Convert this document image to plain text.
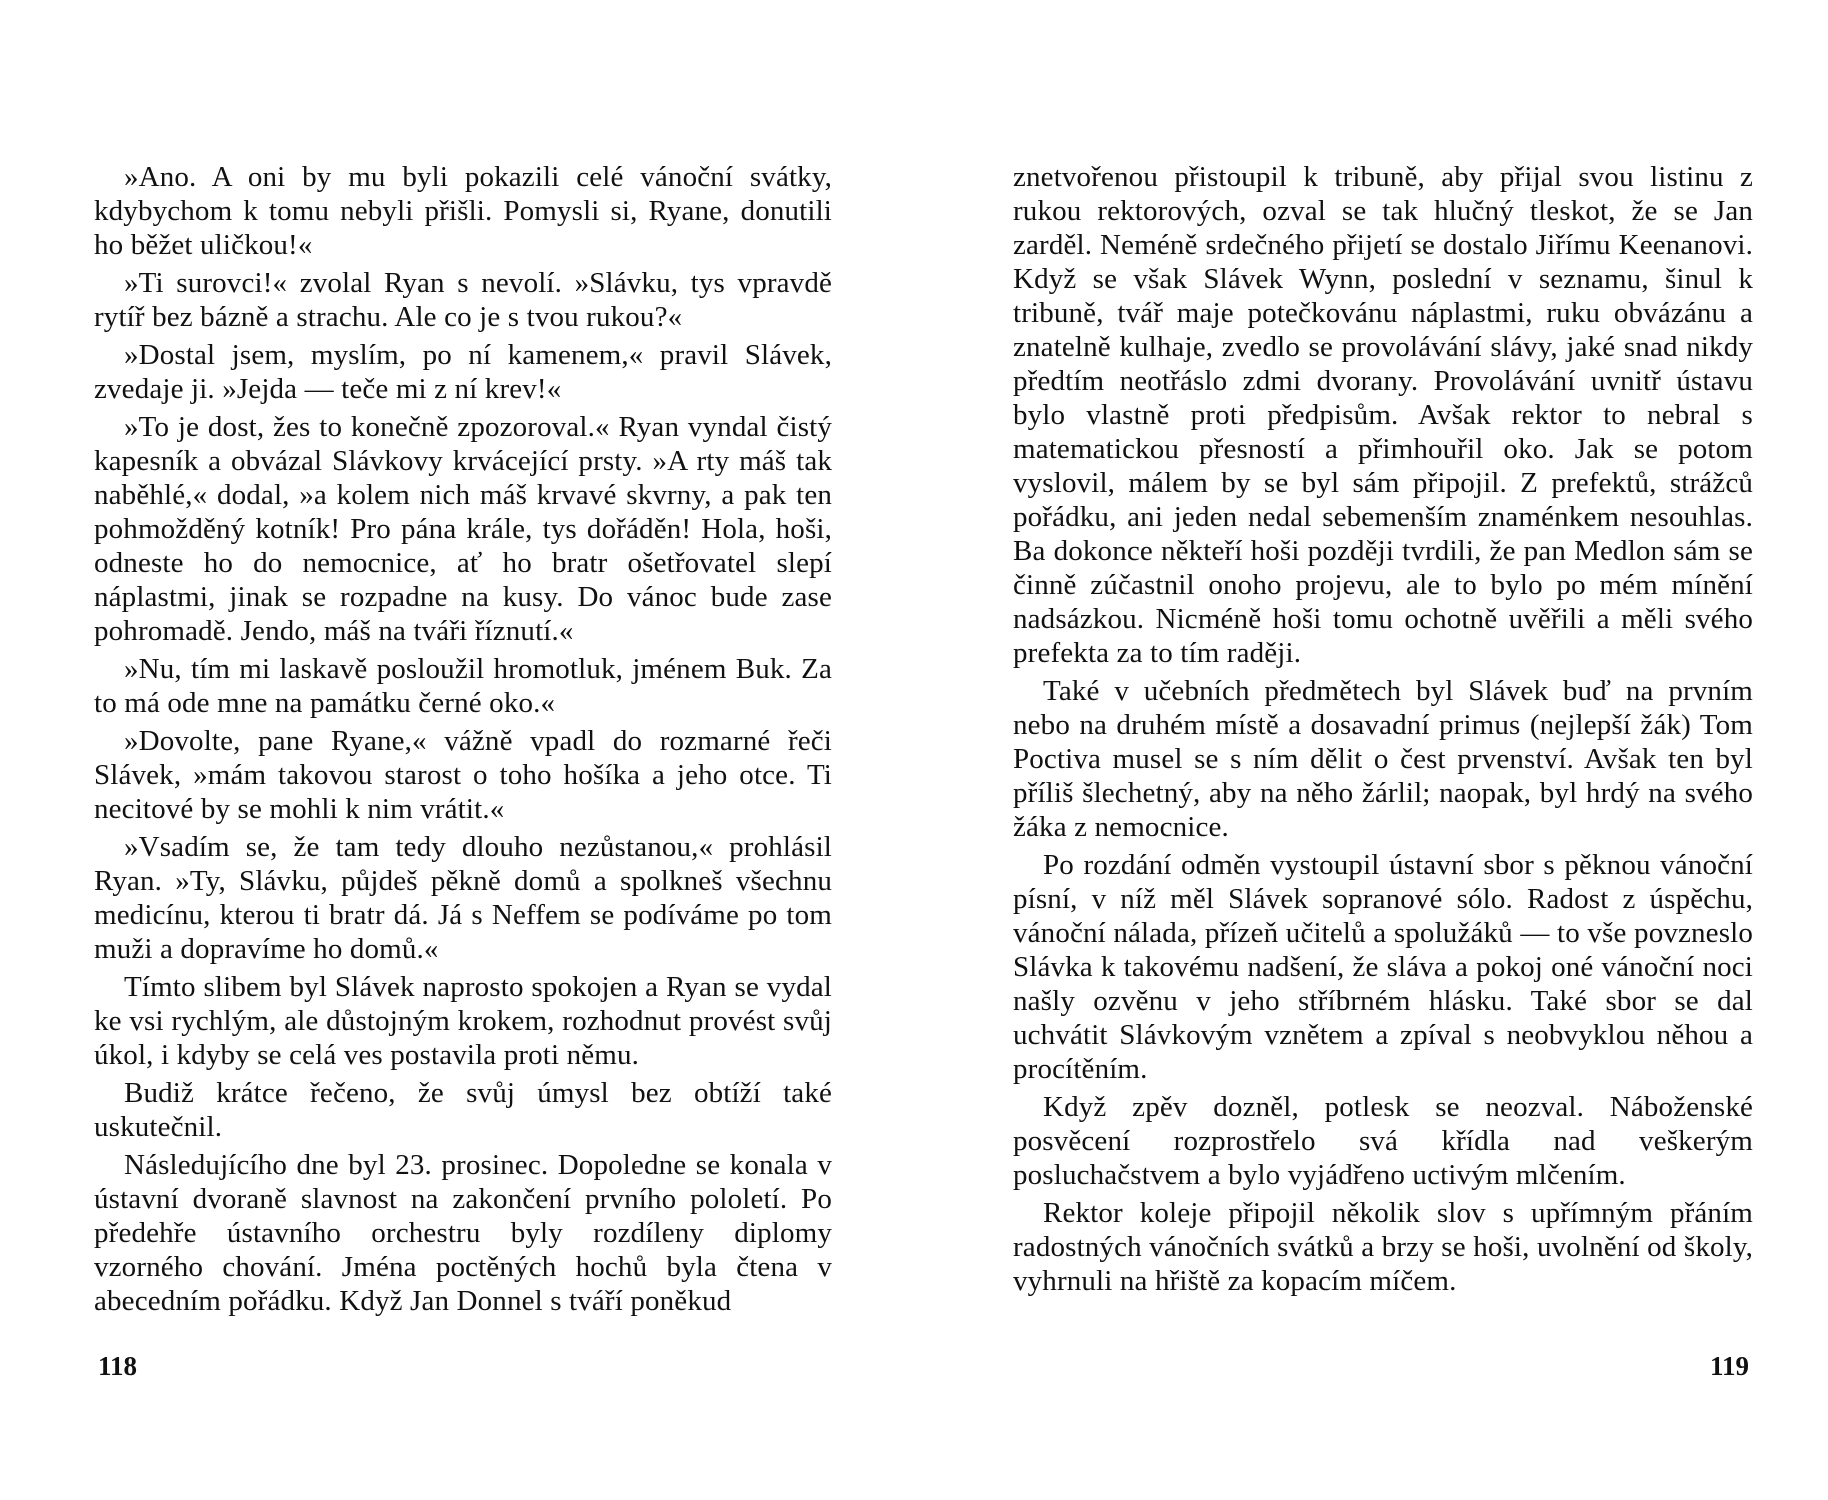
»Ano. A oni by mu byli pokazili celé vánoční svátky, kdybychom k tomu nebyli přišli. Pomysli si, Ryane, donutili ho běžet uličkou!«

»Ti surovci!« zvolal Ryan s nevolí. »Slávku, tys vpravdě rytíř bez bázně a strachu. Ale co je s tvou rukou?«

»Dostal jsem, myslím, po ní kamenem,« pravil Slávek, zvedaje ji. »Jejda — teče mi z ní krev!«

»To je dost, žes to konečně zpozoroval.« Ryan vyndal čistý kapesník a obvázal Slávkovy krvácející prsty. »A rty máš tak naběhlé,« dodal, »a kolem nich máš krvavé skvrny, a pak ten pohmožděný kotník! Pro pána krále, tys dořáděn! Hola, hoši, odneste ho do nemocnice, ať ho bratr ošetřovatel slepí náplastmi, jinak se rozpadne na kusy. Do vánoc bude zase pohromadě. Jendo, máš na tváři říznutí.«

»Nu, tím mi laskavě posloužil hromotluk, jménem Buk. Za to má ode mne na památku černé oko.«

»Dovolte, pane Ryane,« vážně vpadl do rozmarné řeči Slávek, »mám takovou starost o toho hošíka a jeho otce. Ti necitové by se mohli k nim vrátit.«

»Vsadím se, že tam tedy dlouho nezůstanou,« prohlásil Ryan. »Ty, Slávku, půjdeš pěkně domů a spolkneš všechnu medicínu, kterou ti bratr dá. Já s Neffem se podíváme po tom muži a dopravíme ho domů.«

Tímto slibem byl Slávek naprosto spokojen a Ryan se vydal ke vsi rychlým, ale důstojným krokem, rozhodnut provést svůj úkol, i kdyby se celá ves postavila proti němu.

Budiž krátce řečeno, že svůj úmysl bez obtíží také uskutečnil.

Následujícího dne byl 23. prosinec. Dopoledne se konala v ústavní dvoraně slavnost na zakončení prvního pololetí. Po předehře ústavního orchestru byly rozdíleny diplomy vzorného chování. Jména poctěných hochů byla čtena v abecedním pořádku. Když Jan Donnel s tváří poněkud

znetvořenou přistoupil k tribuně, aby přijal svou listinu z rukou rektorových, ozval se tak hlučný tleskot, že se Jan zarděl. Neméně srdečného přijetí se dostalo Jiřímu Keenanovi. Když se však Slávek Wynn, poslední v seznamu, šinul k tribuně, tvář maje potečkovánu náplastmi, ruku obvázánu a znatelně kulhaje, zvedlo se provolávání slávy, jaké snad nikdy předtím neotřáslo zdmi dvorany. Provolávání uvnitř ústavu bylo vlastně proti předpisům. Avšak rektor to nebral s matematickou přesností a přimhouřil oko. Jak se potom vyslovil, málem by se byl sám připojil. Z prefektů, strážců pořádku, ani jeden nedal sebemenším znaménkem nesouhlas. Ba dokonce někteří hoši později tvrdili, že pan Medlon sám se činně zúčastnil onoho projevu, ale to bylo po mém mínění nadsázkou. Nicméně hoši tomu ochotně uvěřili a měli svého prefekta za to tím raději.

Také v učebních předmětech byl Slávek buď na prvním nebo na druhém místě a dosavadní primus (nejlepší žák) Tom Poctiva musel se s ním dělit o čest prvenství. Avšak ten byl příliš šlechetný, aby na něho žárlil; naopak, byl hrdý na svého žáka z nemocnice.

Po rozdání odměn vystoupil ústavní sbor s pěknou vánoční písní, v níž měl Slávek sopranové sólo. Radost z úspěchu, vánoční nálada, přízeň učitelů a spolužáků — to vše povzneslo Slávka k takovému nadšení, že sláva a pokoj oné vánoční noci našly ozvěnu v jeho stříbrném hlásku. Také sbor se dal uchvátit Slávkovým vznětem a zpíval s neobvyklou něhou a procítěním.

Když zpěv dozněl, potlesk se neozval. Náboženské posvěcení rozprostřelo svá křídla nad veškerým posluchačstvem a bylo vyjádřeno uctivým mlčením.

Rektor koleje připojil několik slov s upřímným přáním radostných vánočních svátků a brzy se hoši, uvolnění od školy, vyhrnuli na hřiště za kopacím míčem.

118	119
